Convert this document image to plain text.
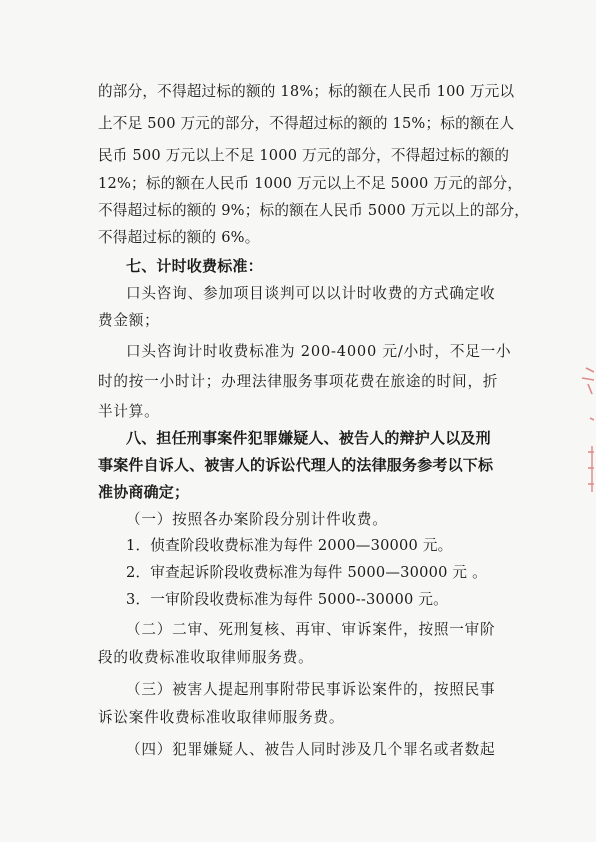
的部分，不得超过标的额的 18%；标的额在人民币 100 万元以
上不足 500 万元的部分，不得超过标的额的 15%；标的额在人
民币 500 万元以上不足 1000 万元的部分，不得超过标的额的
12%；标的额在人民币 1000 万元以上不足 5000 万元的部分，
不得超过标的额的 9%；标的额在人民币 5000 万元以上的部分，
不得超过标的额的 6%。
七、计时收费标准：
口头咨询、参加项目谈判可以以计时收费的方式确定收
费金额；
口头咨询计时收费标准为 200-4000 元/小时，不足一小
时的按一小时计；办理法律服务事项花费在旅途的时间，折
半计算。
八、担任刑事案件犯罪嫌疑人、被告人的辩护人以及刑
事案件自诉人、被害人的诉讼代理人的法律服务参考以下标
准协商确定；
（一）按照各办案阶段分别计件收费。
1．侦查阶段收费标准为每件 2000—30000 元。
2．审查起诉阶段收费标准为每件 5000—30000 元 。
3．一审阶段收费标准为每件 5000--30000 元。
（二）二审、死刑复核、再审、审诉案件，按照一审阶
段的收费标准收取律师服务费。
（三）被害人提起刑事附带民事诉讼案件的，按照民事
诉讼案件收费标准收取律师服务费。
（四）犯罪嫌疑人、被告人同时涉及几个罪名或者数起
